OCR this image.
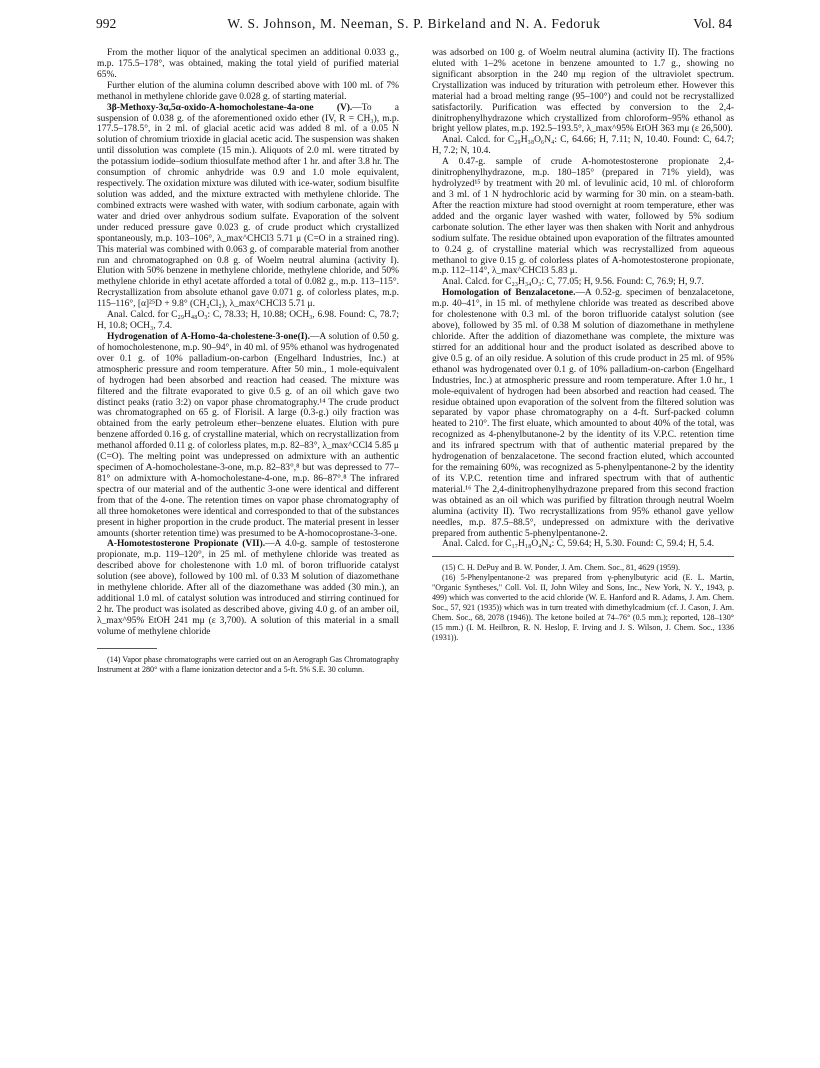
992	W. S. Johnson, M. Neeman, S. P. Birkeland and N. A. Fedoruk	Vol. 84

From the mother liquor of the analytical specimen an additional 0.033 g., m.p. 175.5–178°, was obtained, making the total yield of purified material 65%.

Further elution of the alumina column described above with 100 ml. of 7% methanol in methylene chloride gave 0.028 g. of starting material.

3β-Methoxy-3α,5α-oxido-A-homocholestane-4a-one (V).—To a suspension of 0.038 g. of the aforementioned oxido ether (IV, R = CH₃), m.p. 177.5–178.5°, in 2 ml. of glacial acetic acid was added 8 ml. of a 0.05 N solution of chromium trioxide in glacial acetic acid. The suspension was shaken until dissolution was complete (15 min.). Aliquots of 2.0 ml. were titrated by the potassium iodide–sodium thiosulfate method after 1 hr. and after 3.8 hr. The consumption of chromic anhydride was 0.9 and 1.0 mole equivalent, respectively. The oxidation mixture was diluted with ice-water, sodium bisulfite solution was added, and the mixture extracted with methylene chloride. The combined extracts were washed with water, with sodium carbonate, again with water and dried over anhydrous sodium sulfate. Evaporation of the solvent under reduced pressure gave 0.023 g. of crude product which crystallized spontaneously, m.p. 103–106°, λ_max^CHCl3 5.71 μ (C=O in a strained ring). This material was combined with 0.063 g. of comparable material from another run and chromatographed on 0.8 g. of Woelm neutral alumina (activity I). Elution with 50% benzene in methylene chloride, methylene chloride, and 50% methylene chloride in ethyl acetate afforded a total of 0.082 g., m.p. 113–115°. Recrystallization from absolute ethanol gave 0.071 g. of colorless plates, m.p. 115–116°, [α]²⁵D + 9.8° (CH₂Cl₂), λ_max^CHCl3 5.71 μ.

Anal. Calcd. for C₂₉H₄₈O₃: C, 78.33; H, 10.88; OCH₃, 6.98. Found: C, 78.7; H, 10.8; OCH₃, 7.4.

Hydrogenation of A-Homo-4a-cholestene-3-one(I).—A solution of 0.50 g. of homocholestenone, m.p. 90–94°, in 40 ml. of 95% ethanol was hydrogenated over 0.1 g. of 10% palladium-on-carbon (Engelhard Industries, Inc.) at atmospheric pressure and room temperature. After 50 min., 1 mole-equivalent of hydrogen had been absorbed and reaction had ceased. The mixture was filtered and the filtrate evaporated to give 0.5 g. of an oil which gave two distinct peaks (ratio 3:2) on vapor phase chromatography.¹⁴ The crude product was chromatographed on 65 g. of Florisil. A large (0.3-g.) oily fraction was obtained from the early petroleum ether–benzene eluates. Elution with pure benzene afforded 0.16 g. of crystalline material, which on recrystallization from methanol afforded 0.11 g. of colorless plates, m.p. 82–83°, λ_max^CCl4 5.85 μ (C=O). The melting point was undepressed on admixture with an authentic specimen of A-homocholestane-3-one, m.p. 82–83°,⁸ but was depressed to 77–81° on admixture with A-homocholestane-4-one, m.p. 86–87°.⁸ The infrared spectra of our material and of the authentic 3-one were identical and different from that of the 4-one. The retention times on vapor phase chromatography of all three homoketones were identical and corresponded to that of the substances present in higher proportion in the crude product. The material present in lesser amounts (shorter retention time) was presumed to be A-homocoprostane-3-one.

A-Homotestosterone Propionate (VII).—A 4.0-g. sample of testosterone propionate, m.p. 119–120°, in 25 ml. of methylene chloride was treated as described above for cholestenone with 1.0 ml. of boron trifluoride catalyst solution (see above), followed by 100 ml. of 0.33 M solution of diazomethane in methylene chloride. After all of the diazomethane was added (30 min.), an additional 1.0 ml. of catalyst solution was introduced and stirring continued for 2 hr. The product was isolated as described above, giving 4.0 g. of an amber oil, λ_max^95% EtOH 241 mμ (ε 3,700). A solution of this material in a small volume of methylene chloride

(14) Vapor phase chromatographs were carried out on an Aerograph Gas Chromatography Instrument at 280° with a flame ionization detector and a 5-ft. 5% S.E. 30 column.

was adsorbed on 100 g. of Woelm neutral alumina (activity II). The fractions eluted with 1–2% acetone in benzene amounted to 1.7 g., showing no significant absorption in the 240 mμ region of the ultraviolet spectrum. Crystallization was induced by trituration with petroleum ether. However this material had a broad melting range (95–100°) and could not be recrystallized satisfactorily. Purification was effected by conversion to the 2,4-dinitrophenylhydrazone which crystallized from chloroform–95% ethanol as bright yellow plates, m.p. 192.5–193.5°, λ_max^95% EtOH 363 mμ (ε 26,500).

Anal. Calcd. for C₂₉H₃₈O₆N₄: C, 64.66; H, 7.11; N, 10.40. Found: C, 64.7; H, 7.2; N, 10.4.

A 0.47-g. sample of crude A-homotestosterone propionate 2,4-dinitrophenylhydrazone, m.p. 180–185° (prepared in 71% yield), was hydrolyzed¹⁵ by treatment with 20 ml. of levulinic acid, 10 ml. of chloroform and 3 ml. of 1 N hydrochloric acid by warming for 30 min. on a steam-bath. After the reaction mixture had stood overnight at room temperature, ether was added and the organic layer washed with water, followed by 5% sodium carbonate solution. The ether layer was then shaken with Norit and anhydrous sodium sulfate. The residue obtained upon evaporation of the filtrates amounted to 0.24 g. of crystalline material which was recrystallized from aqueous methanol to give 0.15 g. of colorless plates of A-homotestosterone propionate, m.p. 112–114°, λ_max^CHCl3 5.83 μ.

Anal. Calcd. for C₂₃H₃₄O₃: C, 77.05; H, 9.56. Found: C, 76.9; H, 9.7.

Homologation of Benzalacetone.—A 0.52-g. specimen of benzalacetone, m.p. 40–41°, in 15 ml. of methylene chloride was treated as described above for cholestenone with 0.3 ml. of the boron trifluoride catalyst solution (see above), followed by 35 ml. of 0.38 M solution of diazomethane in methylene chloride. After the addition of diazomethane was complete, the mixture was stirred for an additional hour and the product isolated as described above to give 0.5 g. of an oily residue. A solution of this crude product in 25 ml. of 95% ethanol was hydrogenated over 0.1 g. of 10% palladium-on-carbon (Engelhard Industries, Inc.) at atmospheric pressure and room temperature. After 1.0 hr., 1 mole-equivalent of hydrogen had been absorbed and reaction had ceased. The residue obtained upon evaporation of the solvent from the filtered solution was separated by vapor phase chromatography on a 4-ft. Surf-packed column heated to 210°. The first eluate, which amounted to about 40% of the total, was recognized as 4-phenylbutanone-2 by the identity of its V.P.C. retention time and its infrared spectrum with that of authentic material prepared by the hydrogenation of benzalacetone. The second fraction eluted, which accounted for the remaining 60%, was recognized as 5-phenylpentanone-2 by the identity of its V.P.C. retention time and infrared spectrum with that of authentic material.¹⁶ The 2,4-dinitrophenylhydrazone prepared from this second fraction was obtained as an oil which was purified by filtration through neutral Woelm alumina (activity II). Two recrystallizations from 95% ethanol gave yellow needles, m.p. 87.5–88.5°, undepressed on admixture with the derivative prepared from authentic 5-phenylpentanone-2.

Anal. Calcd. for C₁₇H₁₈O₄N₄: C, 59.64; H, 5.30. Found: C, 59.4; H, 5.4.

(15) C. H. DePuy and B. W. Ponder, J. Am. Chem. Soc., 81, 4629 (1959).

(16) 5-Phenylpentanone-2 was prepared from γ-phenylbutyric acid (E. L. Martin, "Organic Syntheses," Coll. Vol. II, John Wiley and Sons, Inc., New York, N. Y., 1943, p. 499) which was converted to the acid chloride (W. E. Hanford and R. Adams, J. Am. Chem. Soc., 57, 921 (1935)) which was in turn treated with dimethylcadmium (cf. J. Cason, J. Am. Chem. Soc., 68, 2078 (1946)). The ketone boiled at 74–76° (0.5 mm.); reported, 128–130° (15 mm.) (I. M. Heilbron, R. N. Heslop, F. Irving and J. S. Wilson, J. Chem. Soc., 1336 (1931)).
